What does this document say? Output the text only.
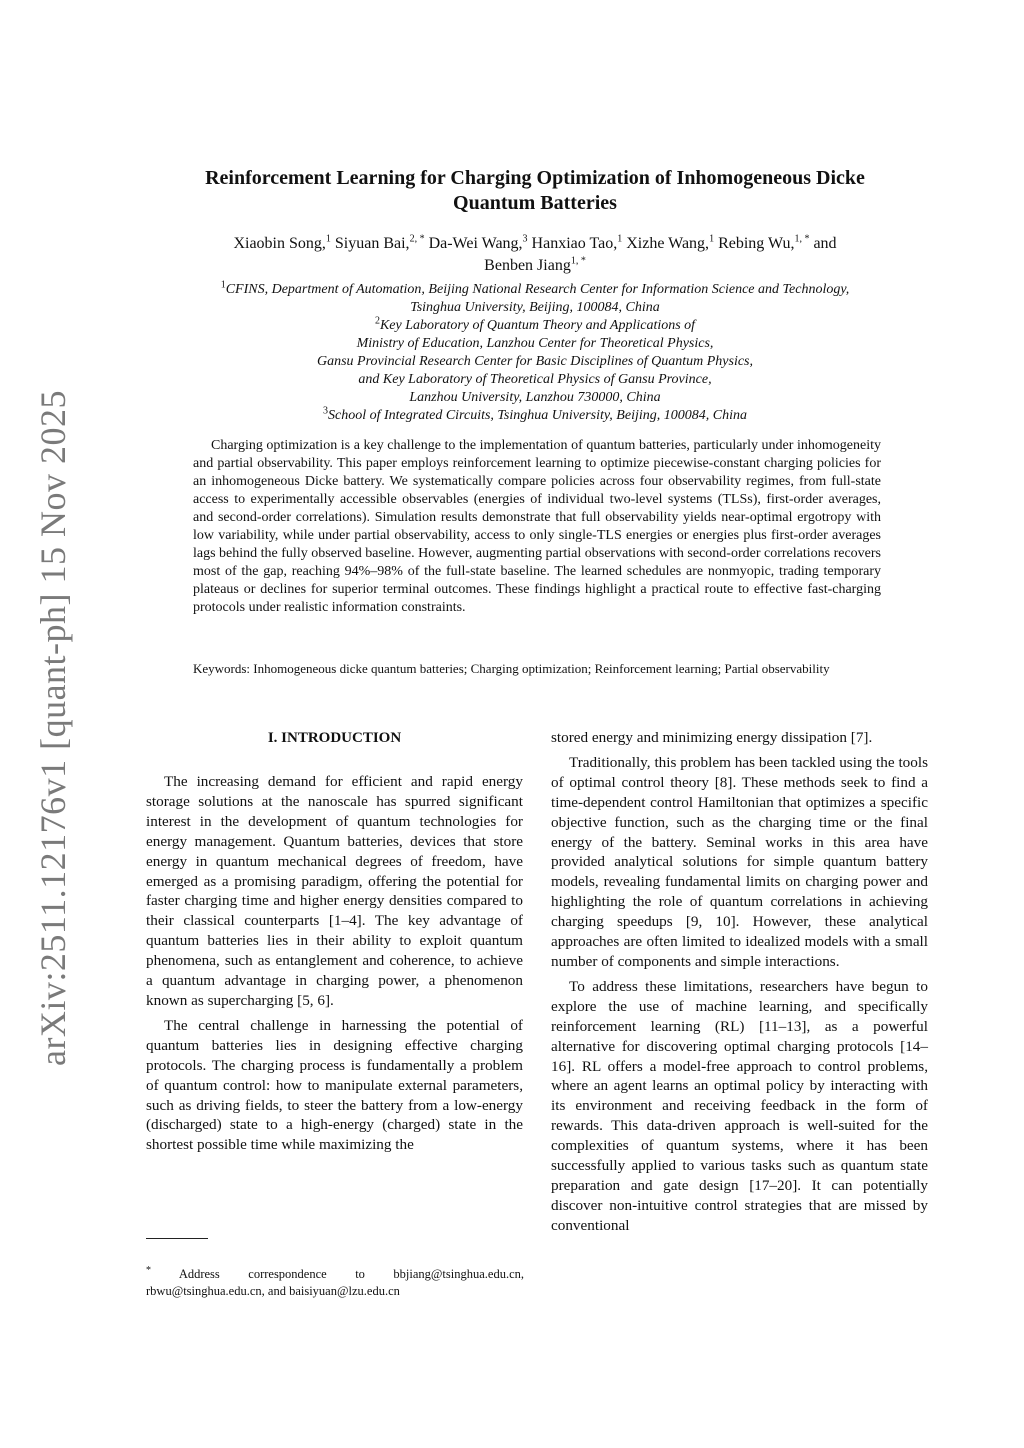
arXiv:2511.12176v1 [quant-ph] 15 Nov 2025
Reinforcement Learning for Charging Optimization of Inhomogeneous Dicke
Quantum Batteries
Xiaobin Song,$^1$ Siyuan Bai,$^{2, *}$ Da-Wei Wang,$^3$ Hanxiao Tao,$^1$ Xizhe Wang,$^1$ Rebing Wu,$^{1, *}$ and Benben Jiang$^{1, *}$
$^1$CFINS, Department of Automation, Beijing National Research Center for Information Science and Technology,
Tsinghua University, Beijing, 100084, China
$^2$Key Laboratory of Quantum Theory and Applications of
Ministry of Education, Lanzhou Center for Theoretical Physics,
Gansu Provincial Research Center for Basic Disciplines of Quantum Physics,
and Key Laboratory of Theoretical Physics of Gansu Province,
Lanzhou University, Lanzhou 730000, China
$^3$School of Integrated Circuits, Tsinghua University, Beijing, 100084, China
Charging optimization is a key challenge to the implementation of quantum batteries, particularly under inhomogeneity and partial observability. This paper employs reinforcement learning to optimize piecewise-constant charging policies for an inhomogeneous Dicke battery. We systematically compare policies across four observability regimes, from full-state access to experimentally accessible observables (energies of individual two-level systems (TLSs), first-order averages, and second-order correlations). Simulation results demonstrate that full observability yields near-optimal ergotropy with low variability, while under partial observability, access to only single-TLS energies or energies plus first-order averages lags behind the fully observed baseline. However, augmenting partial observations with second-order correlations recovers most of the gap, reaching 94%–98% of the full-state baseline. The learned schedules are nonmyopic, trading temporary plateaus or declines for superior terminal outcomes. These findings highlight a practical route to effective fast-charging protocols under realistic information constraints.
Keywords: Inhomogeneous dicke quantum batteries; Charging optimization; Reinforcement learning; Partial observability
I. INTRODUCTION

The increasing demand for efficient and rapid energy storage solutions at the nanoscale has spurred significant interest in the development of quantum technologies for energy management. Quantum batteries, devices that store energy in quantum mechanical degrees of freedom, have emerged as a promising paradigm, offering the potential for faster charging time and higher energy densities compared to their classical counterparts [1–4]. The key advantage of quantum batteries lies in their ability to exploit quantum phenomena, such as entanglement and coherence, to achieve a quantum advantage in charging power, a phenomenon known as supercharging [5, 6].

The central challenge in harnessing the potential of quantum batteries lies in designing effective charging protocols. The charging process is fundamentally a problem of quantum control: how to manipulate external parameters, such as driving fields, to steer the battery from a low-energy (discharged) state to a high-energy (charged) state in the shortest possible time while maximizing the

stored energy and minimizing energy dissipation [7].

Traditionally, this problem has been tackled using the tools of optimal control theory [8]. These methods seek to find a time-dependent control Hamiltonian that optimizes a specific objective function, such as the charging time or the final energy of the battery. Seminal works in this area have provided analytical solutions for simple quantum battery models, revealing fundamental limits on charging power and highlighting the role of quantum correlations in achieving charging speedups [9, 10]. However, these analytical approaches are often limited to idealized models with a small number of components and simple interactions.

To address these limitations, researchers have begun to explore the use of machine learning, and specifically reinforcement learning (RL) [11–13], as a powerful alternative for discovering optimal charging protocols [14–16]. RL offers a model-free approach to control problems, where an agent learns an optimal policy by interacting with its environment and receiving feedback in the form of rewards. This data-driven approach is well-suited for the complexities of quantum systems, where it has been successfully applied to various tasks such as quantum state preparation and gate design [17–20]. It can potentially discover non-intuitive control strategies that are missed by conventional

* Address correspondence to bbjiang@tsinghua.edu.cn, rbwu@tsinghua.edu.cn, and baisiyuan@lzu.edu.cn
